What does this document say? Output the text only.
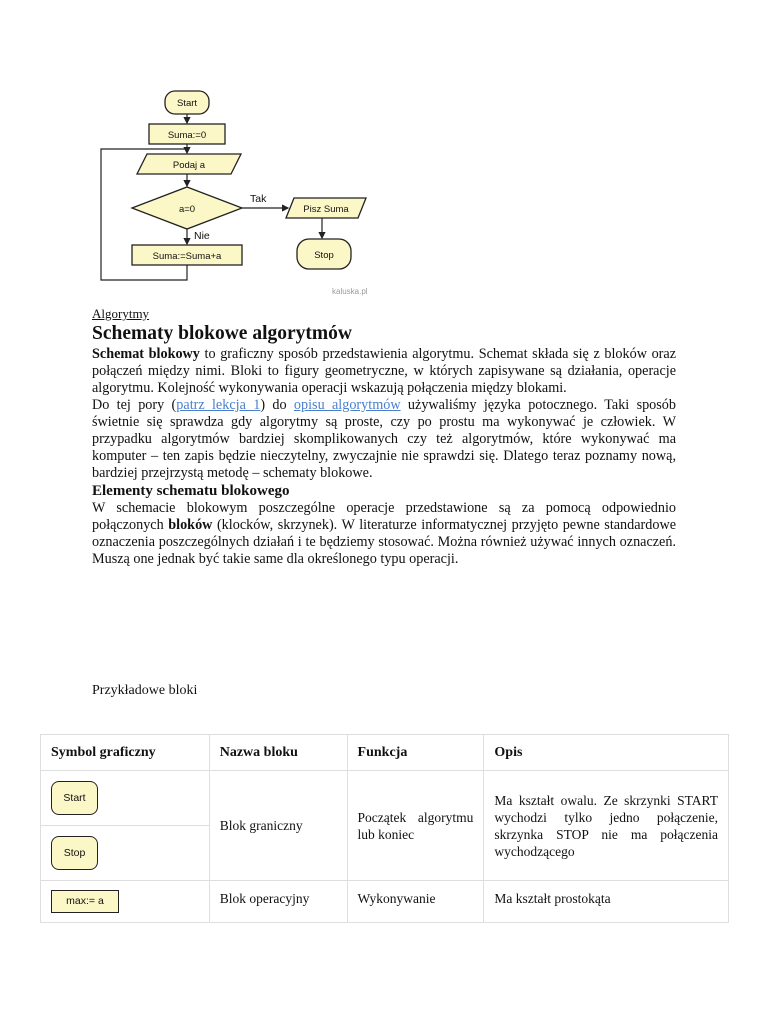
Start
Suma:=0
Podaj a
a=0
Suma:=Suma+a
Pisz Suma
Stop
Tak
Nie
kaluska.pl

Algorytmy

Schematy blokowe algorytmów

Schemat blokowy to graficzny sposób przedstawienia algorytmu. Schemat składa się z bloków oraz połączeń między nimi. Bloki to figury geometryczne, w których zapisywane są działania, operacje algorytmu. Kolejność wykonywania operacji wskazują połączenia między blokami.

Do tej pory (patrz lekcja 1) do opisu algorytmów używaliśmy języka potocznego. Taki sposób świetnie się sprawdza gdy algorytmy są proste, czy po prostu ma wykonywać je człowiek. W przypadku algorytmów bardziej skomplikowanych czy też algorytmów, które wykonywać ma komputer – ten zapis będzie nieczytelny, zwyczajnie nie sprawdzi się. Dlatego teraz poznamy nową, bardziej przejrzystą metodę – schematy blokowe.

Elementy schematu blokowego

W schemacie blokowym poszczególne operacje przedstawione są za pomocą odpowiednio połączonych bloków (klocków, skrzynek). W literaturze informatycznej przyjęto pewne standardowe oznaczenia poszczególnych działań i te będziemy stosować. Można również używać innych oznaczeń. Muszą one jednak być takie same dla określonego typu operacji.

Przykładowe bloki

Symbol graficzny	Nazwa bloku	Funkcja	Opis
Start	Blok graniczny	Początek algorytmu lub koniec	Ma kształt owalu. Ze skrzynki START wychodzi tylko jedno połączenie, skrzynka STOP nie ma połączenia wychodzącego
Stop			
max:= a	Blok operacyjny	Wykonywanie	Ma kształt prostokąta
